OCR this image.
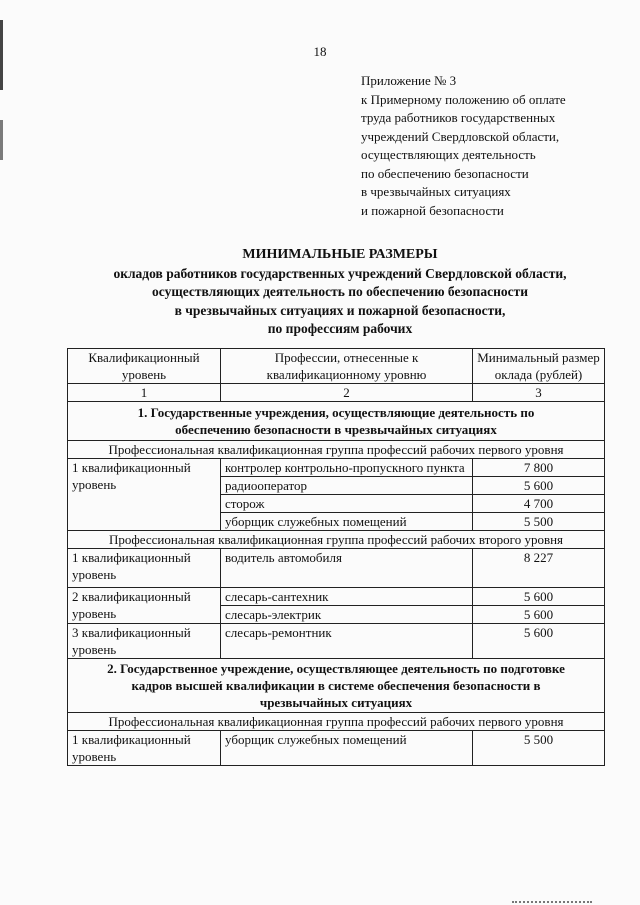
18
Приложение № 3
к Примерному положению об оплате
труда работников государственных
учреждений Свердловской области,
осуществляющих деятельность
по обеспечению безопасности
в чрезвычайных ситуациях
и пожарной безопасности
МИНИМАЛЬНЫЕ РАЗМЕРЫ
окладов работников государственных учреждений Свердловской области,
осуществляющих деятельность по обеспечению безопасности
в чрезвычайных ситуациях и пожарной безопасности,
по профессиям рабочих
Квалификационный уровень	Профессии, отнесенные к квалификационному уровню	Минимальный размер оклада (рублей)
1	2	3
1. Государственные учреждения, осуществляющие деятельность по обеспечению безопасности в чрезвычайных ситуациях		
Профессиональная квалификационная группа профессий рабочих первого уровня		
1 квалификационный уровень	контролер контрольно-пропускного пункта	7 800
	радиооператор	5 600
	сторож	4 700
	уборщик служебных помещений	5 500
Профессиональная квалификационная группа профессий рабочих второго уровня		
1 квалификационный уровень	водитель автомобиля	8 227
2 квалификационный уровень	слесарь-сантехник	5 600
	слесарь-электрик	5 600
3 квалификационный уровень	слесарь-ремонтник	5 600
2. Государственное учреждение, осуществляющее деятельность по подготовке кадров высшей квалификации в системе обеспечения безопасности в чрезвычайных ситуациях		
Профессиональная квалификационная группа профессий рабочих первого уровня		
1 квалификационный уровень	уборщик служебных помещений	5 500
